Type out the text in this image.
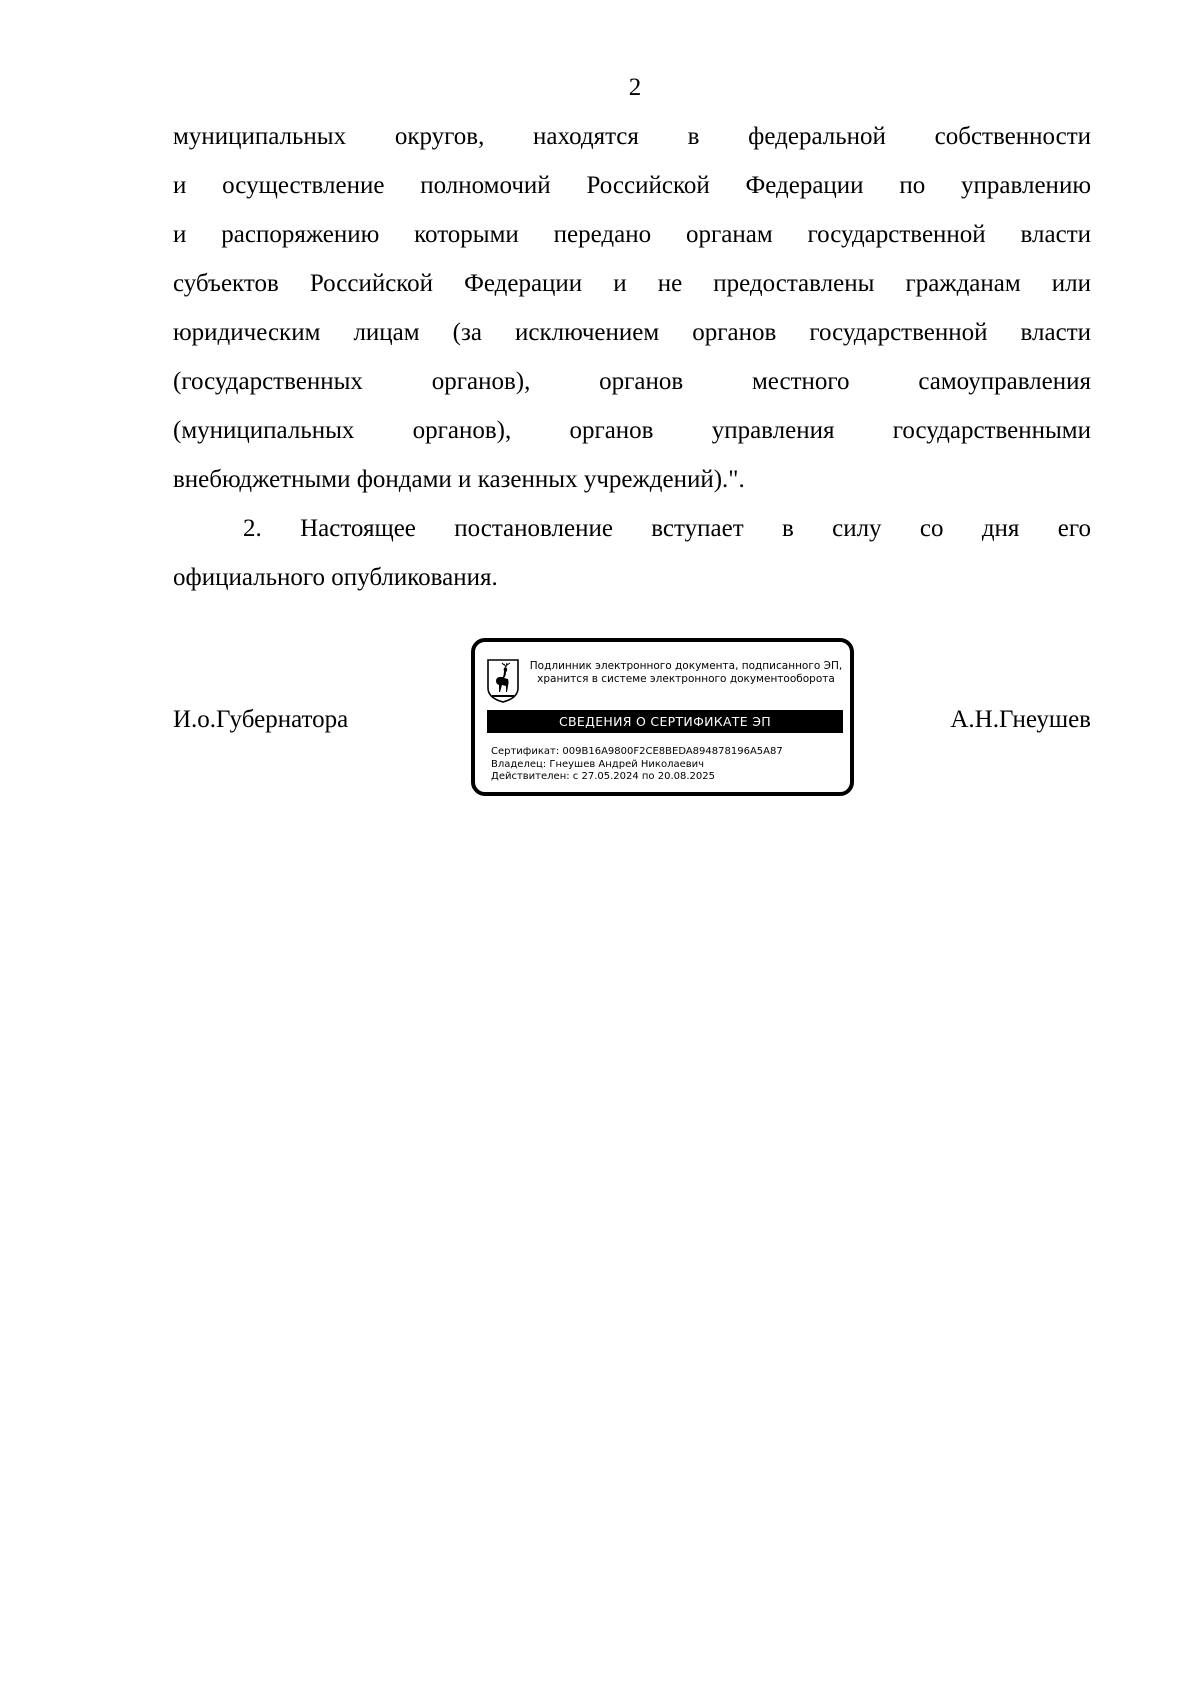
2

муниципальных округов, находятся в федеральной собственности

и осуществление полномочий Российской Федерации по управлению

и распоряжению которыми передано органам государственной власти

субъектов Российской Федерации и не предоставлены гражданам или

юридическим лицам (за исключением органов государственной власти

(государственных органов), органов местного самоуправления

(муниципальных органов), органов управления государственными

внебюджетными фондами и казенных учреждений).".

2. Настоящее постановление вступает в силу со дня его

официального опубликования.

И.о.Губернатора	А.Н.Гнеушев
Подлинник электронного документа, подписанного ЭП,
хранится в системе электронного документооборота
СВЕДЕНИЯ О СЕРТИФИКАТЕ ЭП
Сертификат: 009B16A9800F2CE8BEDA894878196A5A87
Владелец: Гнеушев Андрей Николаевич
Действителен: с 27.05.2024 по 20.08.2025
